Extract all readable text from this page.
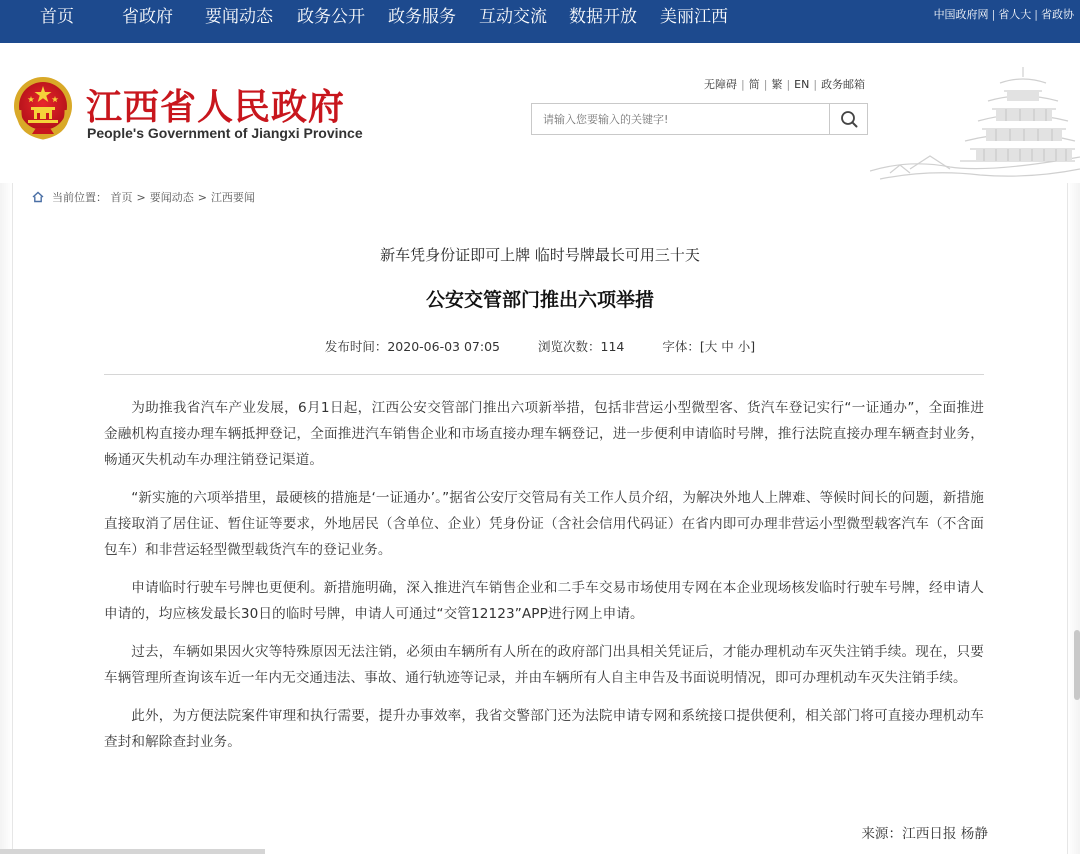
首页	省政府 要闻动态 政务公开 政务服务 互动交流 数据开放 美丽江西	中国政府网 | 省人大 | 省政协
江西省人民政府
People's Government of Jiangxi Province
无障碍 | 简 | 繁 | EN | 政务邮箱
请输入您要输入的关键字!
当前位置： 首页 > 要闻动态 > 江西要闻
新车凭身份证即可上牌 临时号牌最长可用三十天
公安交管部门推出六项举措
发布时间：2020-06-03 07:05	浏览次数：114	字体：[大 中 小]

为助推我省汽车产业发展，6月1日起，江西公安交管部门推出六项新举措，包括非营运小型微型客、货汽车登记实行“一证通办”，全面推进金融机构直接办理车辆抵押登记，全面推进汽车销售企业和市场直接办理车辆登记，进一步便利申请临时号牌，推行法院直接办理车辆查封业务，畅通灭失机动车办理注销登记渠道。

“新实施的六项举措里，最硬核的措施是‘一证通办’。”据省公安厅交管局有关工作人员介绍，为解决外地人上牌难、等候时间长的问题，新措施直接取消了居住证、暂住证等要求，外地居民（含单位、企业）凭身份证（含社会信用代码证）在省内即可办理非营运小型微型载客汽车（不含面包车）和非营运轻型微型载货汽车的登记业务。

申请临时行驶车号牌也更便利。新措施明确，深入推进汽车销售企业和二手车交易市场使用专网在本企业现场核发临时行驶车号牌，经申请人申请的，均应核发最长30日的临时号牌，申请人可通过“交管12123”APP进行网上申请。

过去，车辆如果因火灾等特殊原因无法注销，必须由车辆所有人所在的政府部门出具相关凭证后，才能办理机动车灭失注销手续。现在，只要车辆管理所查询该车近一年内无交通违法、事故、通行轨迹等记录，并由车辆所有人自主申告及书面说明情况，即可办理机动车灭失注销手续。

此外，为方便法院案件审理和执行需要，提升办事效率，我省交警部门还为法院申请专网和系统接口提供便利，相关部门将可直接办理机动车查封和解除查封业务。

来源：江西日报 杨静
